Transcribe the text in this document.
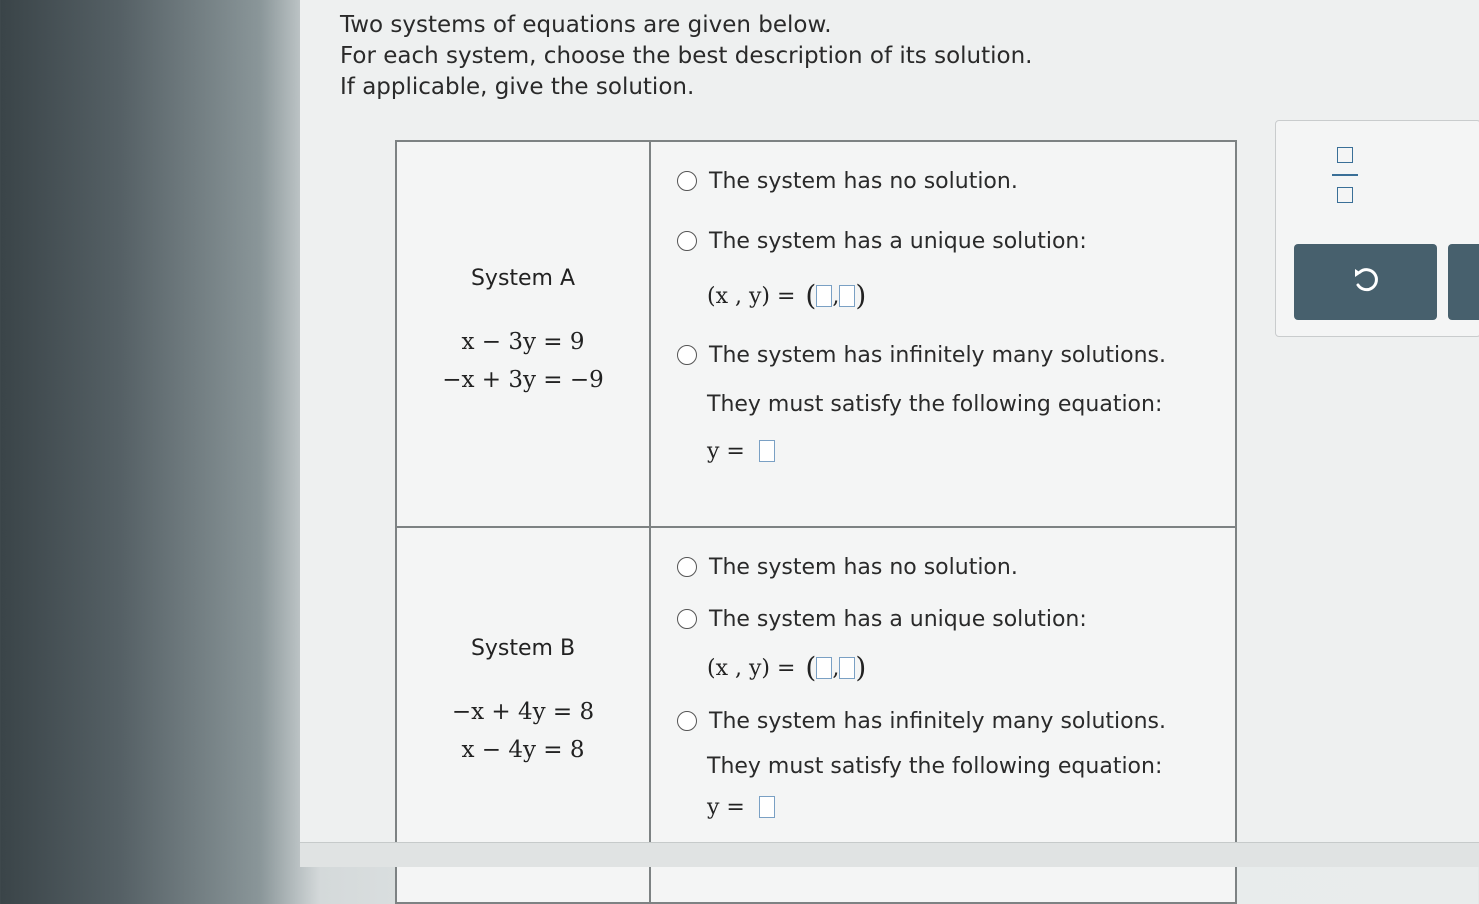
Two systems of equations are given below.
For each system, choose the best description of its solution.
If applicable, give the solution.
System A
x − 3y = 9
−x + 3y = −9
The system has no solution.
The system has a unique solution:
(x , y) = ( , )
The system has infinitely many solutions.
They must satisfy the following equation:
y =
System B
−x + 4y = 8
x − 4y = 8
The system has no solution.
The system has a unique solution:
(x , y) = ( , )
The system has infinitely many solutions.
They must satisfy the following equation:
y =
